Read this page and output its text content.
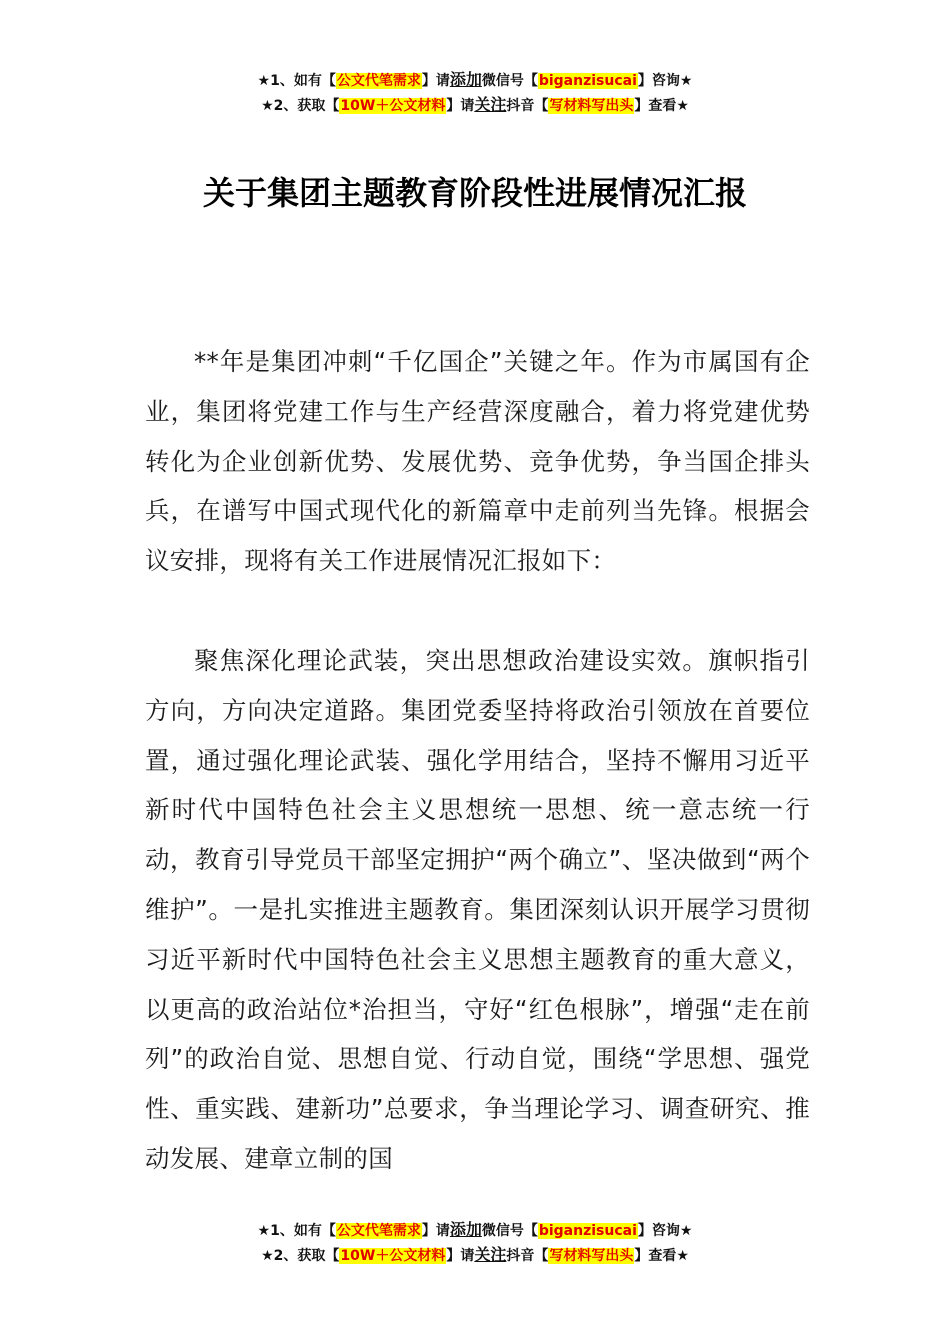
★1、如有【公文代笔需求】请添加微信号【biganzisucai】咨询★
★2、获取【10W＋公文材料】请关注抖音【写材料写出头】查看★
关于集团主题教育阶段性进展情况汇报

**年是集团冲刺“千亿国企”关键之年。作为市属国有企业，集团将党建工作与生产经营深度融合，着力将党建优势转化为企业创新优势、发展优势、竞争优势，争当国企排头兵，在谱写中国式现代化的新篇章中走前列当先锋。根据会议安排，现将有关工作进展情况汇报如下：

聚焦深化理论武装，突出思想政治建设实效。旗帜指引方向，方向决定道路。集团党委坚持将政治引领放在首要位置，通过强化理论武装、强化学用结合，坚持不懈用习近平新时代中国特色社会主义思想统一思想、统一意志统一行动，教育引导党员干部坚定拥护“两个确立”、坚决做到“两个维护”。一是扎实推进主题教育。集团深刻认识开展学习贯彻习近平新时代中国特色社会主义思想主题教育的重大意义，以更高的政治站位*治担当，守好“红色根脉”，增强“走在前列”的政治自觉、思想自觉、行动自觉，围绕“学思想、强党性、重实践、建新功”总要求，争当理论学习、调查研究、推动发展、建章立制的国

★1、如有【公文代笔需求】请添加微信号【biganzisucai】咨询★
★2、获取【10W＋公文材料】请关注抖音【写材料写出头】查看★
